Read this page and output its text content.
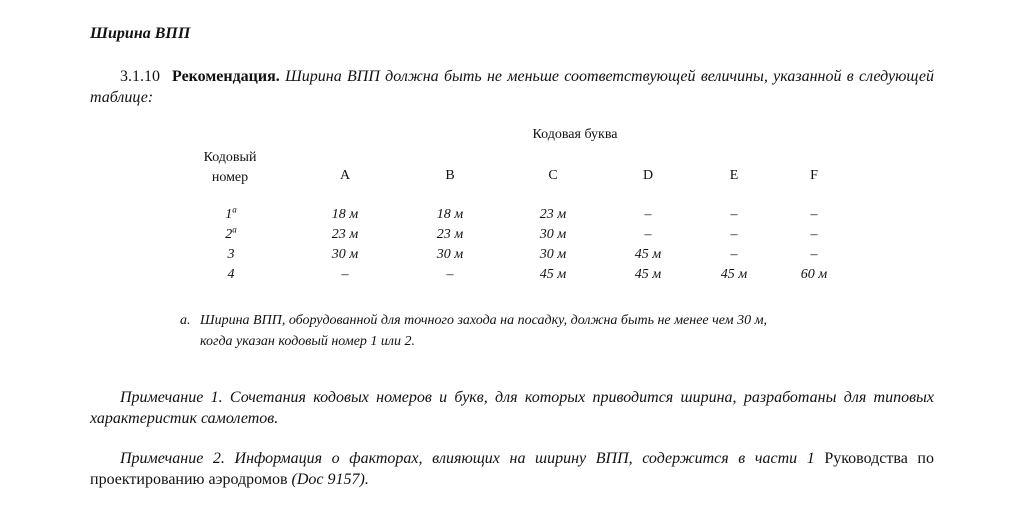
Ширина ВПП
3.1.10 Рекомендация. Ширина ВПП должна быть не меньше соответствующей величины, указанной в следующей таблице:
Кодовая буква
Кодовый
номер	A	B	C	D	E	F
1$^a$	18 м	18 м	23 м	–	–	–
2$^a$	23 м	23 м	30 м	–	–	–
3	30 м	30 м	30 м	45 м	–	–
4	–	–	45 м	45 м	45 м	60 м
a. Ширина ВПП, оборудованной для точного захода на посадку, должна быть не менее чем 30 м,
когда указан кодовый номер 1 или 2.
Примечание 1. Сочетания кодовых номеров и букв, для которых приводится ширина, разработаны для типовых характеристик самолетов.
Примечание 2. Информация о факторах, влияющих на ширину ВПП, содержится в части 1 Руководства по проектированию аэродромов (Doc 9157).
